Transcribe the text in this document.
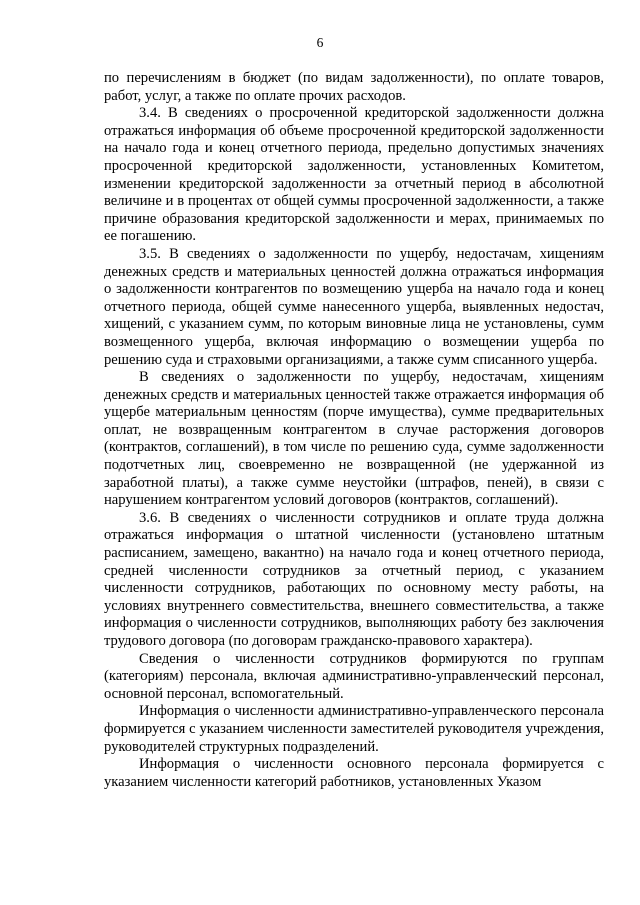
6

по перечислениям в бюджет (по видам задолженности), по оплате товаров, работ, услуг, а также по оплате прочих расходов.

3.4. В сведениях о просроченной кредиторской задолженности должна отражаться информация об объеме просроченной кредиторской задолженности на начало года и конец отчетного периода, предельно допустимых значениях просроченной кредиторской задолженности, установленных Комитетом, изменении кредиторской задолженности за отчетный период в абсолютной величине и в процентах от общей суммы просроченной задолженности, а также причине образования кредиторской задолженности и мерах, принимаемых по ее погашению.

3.5. В сведениях о задолженности по ущербу, недостачам, хищениям денежных средств и материальных ценностей должна отражаться информация о задолженности контрагентов по возмещению ущерба на начало года и конец отчетного периода, общей сумме нанесенного ущерба, выявленных недостач, хищений, с указанием сумм, по которым виновные лица не установлены, сумм возмещенного ущерба, включая информацию о возмещении ущерба по решению суда и страховыми организациями, а также сумм списанного ущерба.

В сведениях о задолженности по ущербу, недостачам, хищениям денежных средств и материальных ценностей также отражается информация об ущербе материальным ценностям (порче имущества), сумме предварительных оплат, не возвращенным контрагентом в случае расторжения договоров (контрактов, соглашений), в том числе по решению суда, сумме задолженности подотчетных лиц, своевременно не возвращенной (не удержанной из заработной платы), а также сумме неустойки (штрафов, пеней), в связи с нарушением контрагентом условий договоров (контрактов, соглашений).

3.6. В сведениях о численности сотрудников и оплате труда должна отражаться информация о штатной численности (установлено штатным расписанием, замещено, вакантно) на начало года и конец отчетного периода, средней численности сотрудников за отчетный период, с указанием численности сотрудников, работающих по основному месту работы, на условиях внутреннего совместительства, внешнего совместительства, а также информация о численности сотрудников, выполняющих работу без заключения трудового договора (по договорам гражданско-правового характера).

Сведения о численности сотрудников формируются по группам (категориям) персонала, включая административно-управленческий персонал, основной персонал, вспомогательный.

Информация о численности административно-управленческого персонала формируется с указанием численности заместителей руководителя учреждения, руководителей структурных подразделений.

Информация о численности основного персонала формируется с указанием численности категорий работников, установленных Указом
